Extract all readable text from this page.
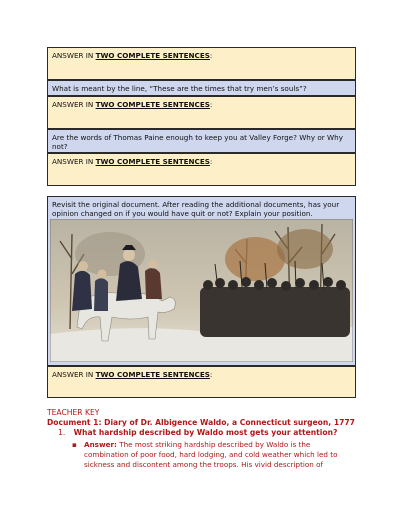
ANSWER IN TWO COMPLETE SENTENCES:
What is meant by the line, “These are the times that try men’s souls”?
ANSWER IN TWO COMPLETE SENTENCES:
Are the words of Thomas Paine enough to keep you at Valley Forge? Why or Why not?
ANSWER IN TWO COMPLETE SENTENCES:
Revisit the original document. After reading the additional documents, has your opinion changed on if you would have quit or not? Explain your position.
ANSWER IN TWO COMPLETE SENTENCES:
TEACHER KEY
Document 1: Diary of Dr. Albigence Waldo, a Connecticut surgeon, 1777
1. What hardship described by Waldo most gets your attention?
▪ Answer: The most striking hardship described by Waldo is the combination of poor food, hard lodging, and cold weather which led to sickness and discontent among the troops. His vivid description of
